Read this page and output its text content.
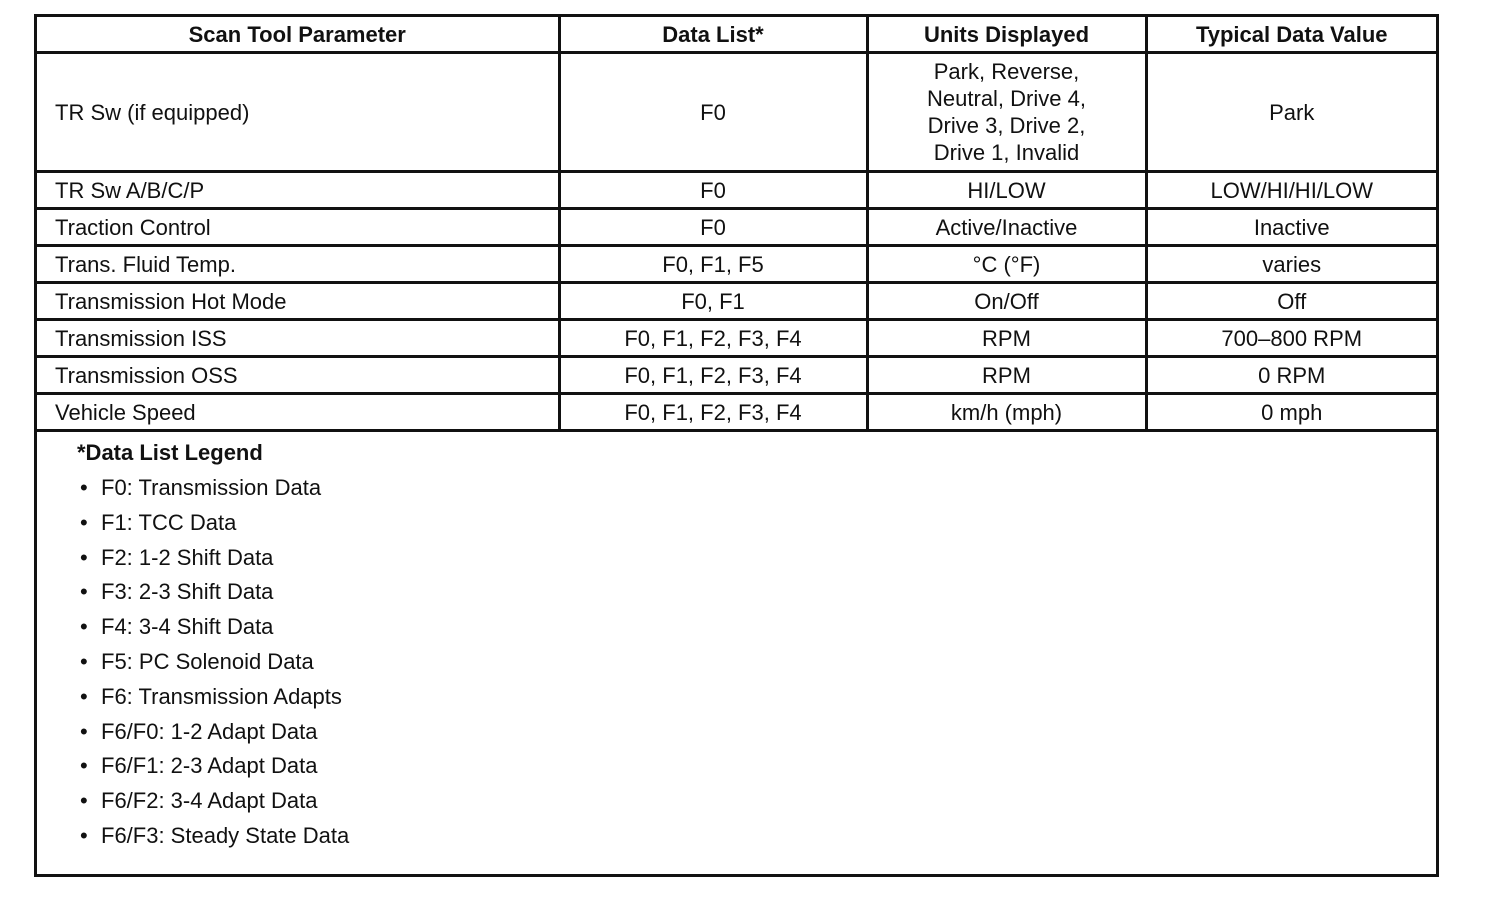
Scan Tool Parameter	Data List*	Units Displayed	Typical Data Value
TR Sw (if equipped)	F0	Park, Reverse,
Neutral, Drive 4,
Drive 3, Drive 2,
Drive 1, Invalid	Park
TR Sw A/B/C/P	F0	HI/LOW	LOW/HI/HI/LOW
Traction Control	F0	Active/Inactive	Inactive
Trans. Fluid Temp.	F0, F1, F5	°C (°F)	varies
Transmission Hot Mode	F0, F1	On/Off	Off
Transmission ISS	F0, F1, F2, F3, F4	RPM	700–800 RPM
Transmission OSS	F0, F1, F2, F3, F4	RPM	0 RPM
Vehicle Speed	F0, F1, F2, F3, F4	km/h (mph)	0 mph
*Data List Legend
• F0: Transmission Data
• F1: TCC Data
• F2: 1-2 Shift Data
• F3: 2-3 Shift Data
• F4: 3-4 Shift Data
• F5: PC Solenoid Data
• F6: Transmission Adapts
• F6/F0: 1-2 Adapt Data
• F6/F1: 2-3 Adapt Data
• F6/F2: 3-4 Adapt Data
• F6/F3: Steady State Data
